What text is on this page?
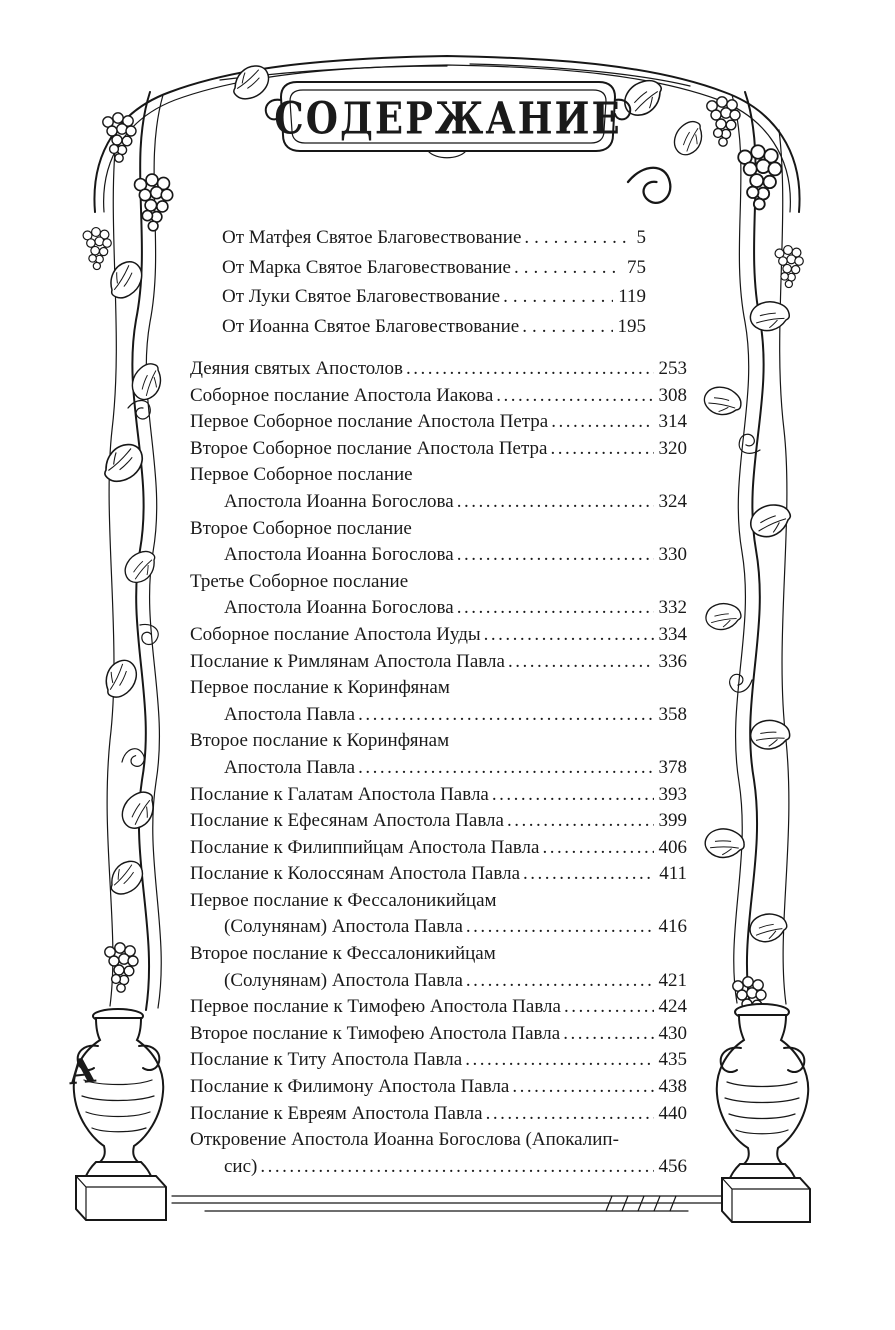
СОДЕРЖАНИЕ
От Матфея Святое Благовествование .....	5
От Марка Святое Благовествование .....	75
От Луки Святое Благовествование .....	119
От Иоанна Святое Благовествование .....	195
Деяния святых Апостолов .....	253
Соборное послание Апостола Иакова .....	308
Первое Соборное послание Апостола Петра .....	314
Второе Соборное послание Апостола Петра .....	320
Первое Соборное послание
Апостола Иоанна Богослова .....	324
Второе Соборное послание
Апостола Иоанна Богослова .....	330
Третье Соборное послание
Апостола Иоанна Богослова .....	332
Соборное послание Апостола Иуды .....	334
Послание к Римлянам Апостола Павла .....	336
Первое послание к Коринфянам
Апостола Павла .....	358
Второе послание к Коринфянам
Апостола Павла .....	378
Послание к Галатам Апостола Павла .....	393
Послание к Ефесянам Апостола Павла .....	399
Послание к Филиппийцам Апостола Павла .....	406
Послание к Колоссянам Апостола Павла .....	411
Первое послание к Фессалоникийцам
(Солунянам) Апостола Павла .....	416
Второе послание к Фессалоникийцам
(Солунянам) Апостола Павла .....	421
Первое послание к Тимофею Апостола Павла .....	424
Второе послание к Тимофею Апостола Павла .....	430
Послание к Титу Апостола Павла .....	435
Послание к Филимону Апостола Павла .....	438
Послание к Евреям Апостола Павла .....	440
Откровение Апостола Иоанна Богослова (Апокалип-
сис) .....	456
А
